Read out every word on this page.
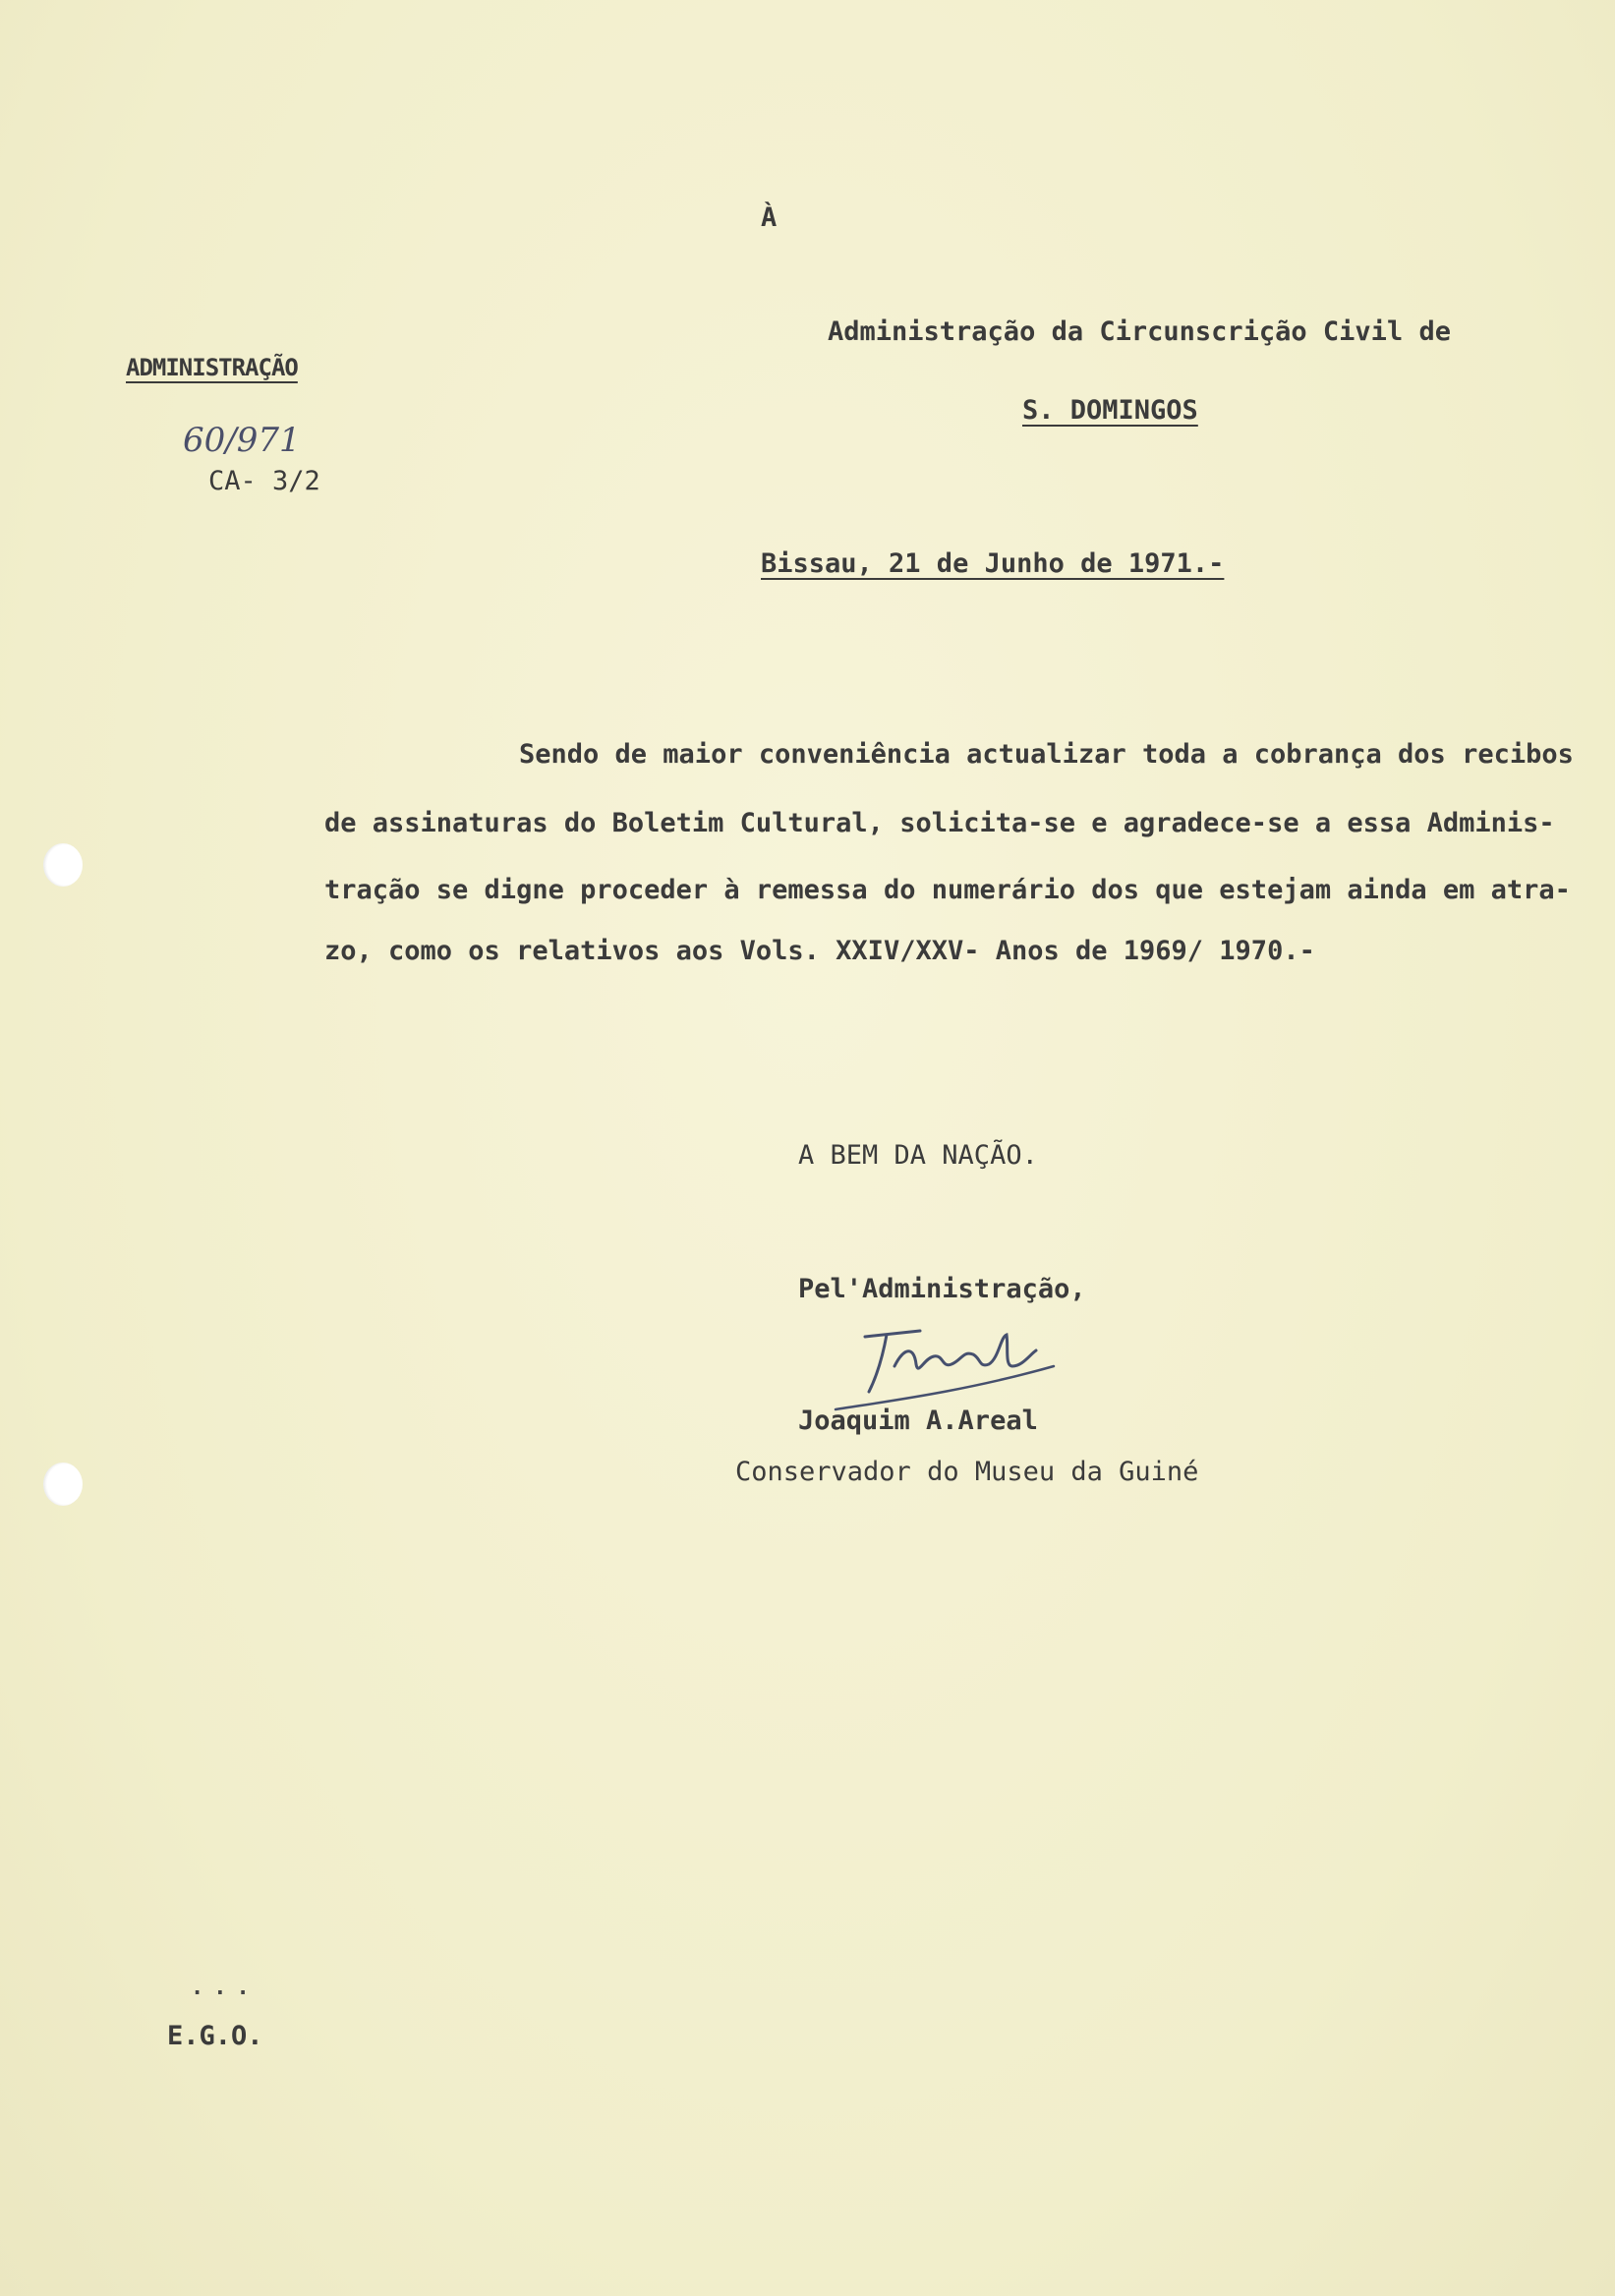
À
Administração da Circunscrição Civil de
S. DOMINGOS
ADMINISTRAÇÃO
60/971
CA- 3/2
Bissau, 21 de Junho de 1971.-
Sendo de maior conveniência actualizar toda a cobrança dos recibos
de assinaturas do Boletim Cultural, solicita-se e agradece-se a essa Adminis-
tração se digne proceder à remessa do numerário dos que estejam ainda em atra-
zo, como os relativos aos Vols. XXIV/XXV- Anos de 1969/ 1970.-
A BEM DA NAÇÃO.
Pel'Administração,
Joaquim A.Areal
Conservador do Museu da Guiné
...
E.G.O.
